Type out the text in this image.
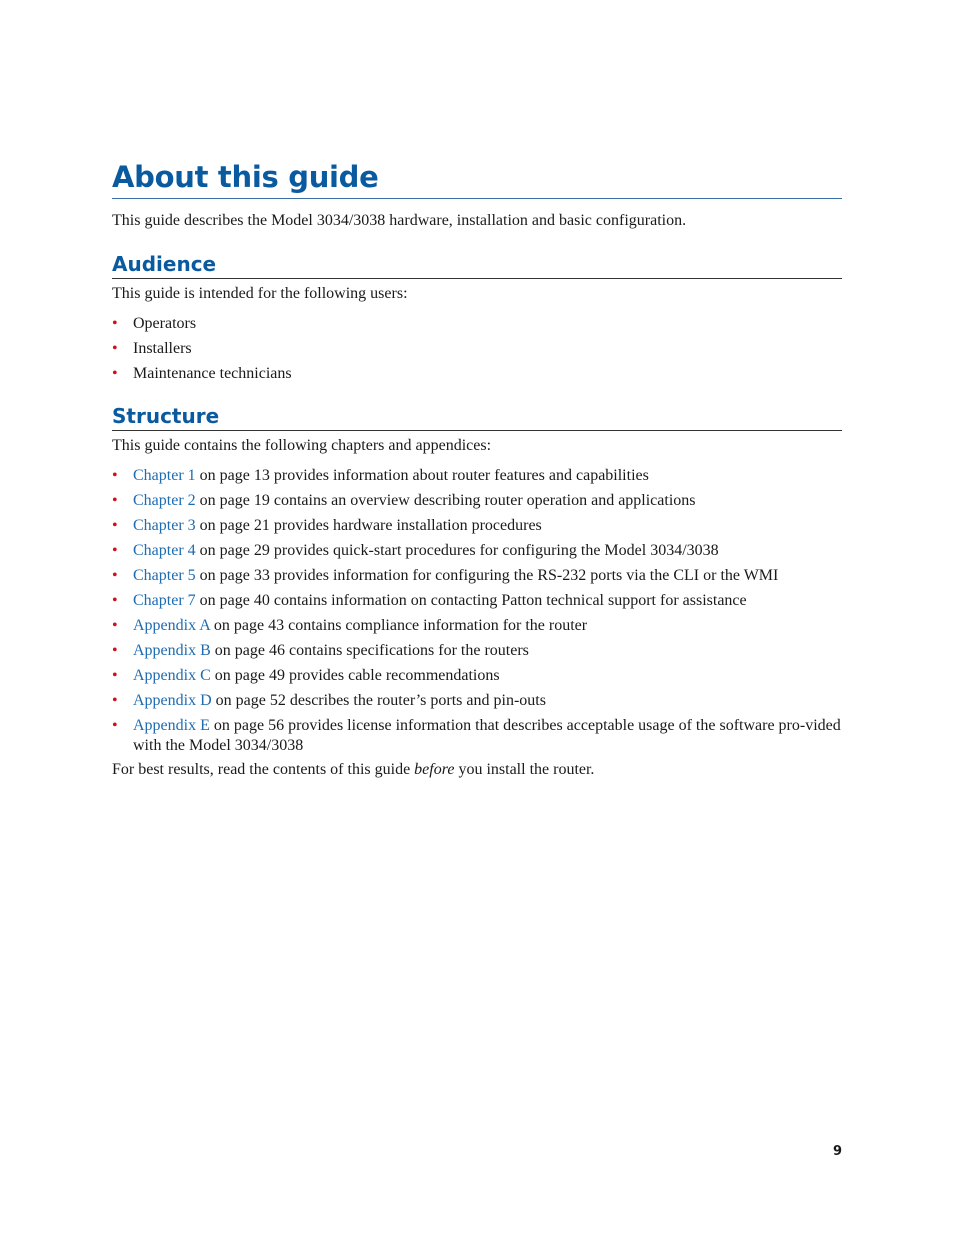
About this guide

This guide describes the Model 3034/3038 hardware, installation and basic configuration.

Audience

This guide is intended for the following users:

• Operators
• Installers
• Maintenance technicians
Structure

This guide contains the following chapters and appendices:

• Chapter 1 on page 13 provides information about router features and capabilities
• Chapter 2 on page 19 contains an overview describing router operation and applications
• Chapter 3 on page 21 provides hardware installation procedures
• Chapter 4 on page 29 provides quick-start procedures for configuring the Model 3034/3038
• Chapter 5 on page 33 provides information for configuring the RS-232 ports via the CLI or the WMI
• Chapter 7 on page 40 contains information on contacting Patton technical support for assistance
• Appendix A on page 43 contains compliance information for the router
• Appendix B on page 46 contains specifications for the routers
• Appendix C on page 49 provides cable recommendations
• Appendix D on page 52 describes the router’s ports and pin-outs
• Appendix E on page 56 provides license information that describes acceptable usage of the software pro-vided with the Model 3034/3038

For best results, read the contents of this guide before you install the router.

9
